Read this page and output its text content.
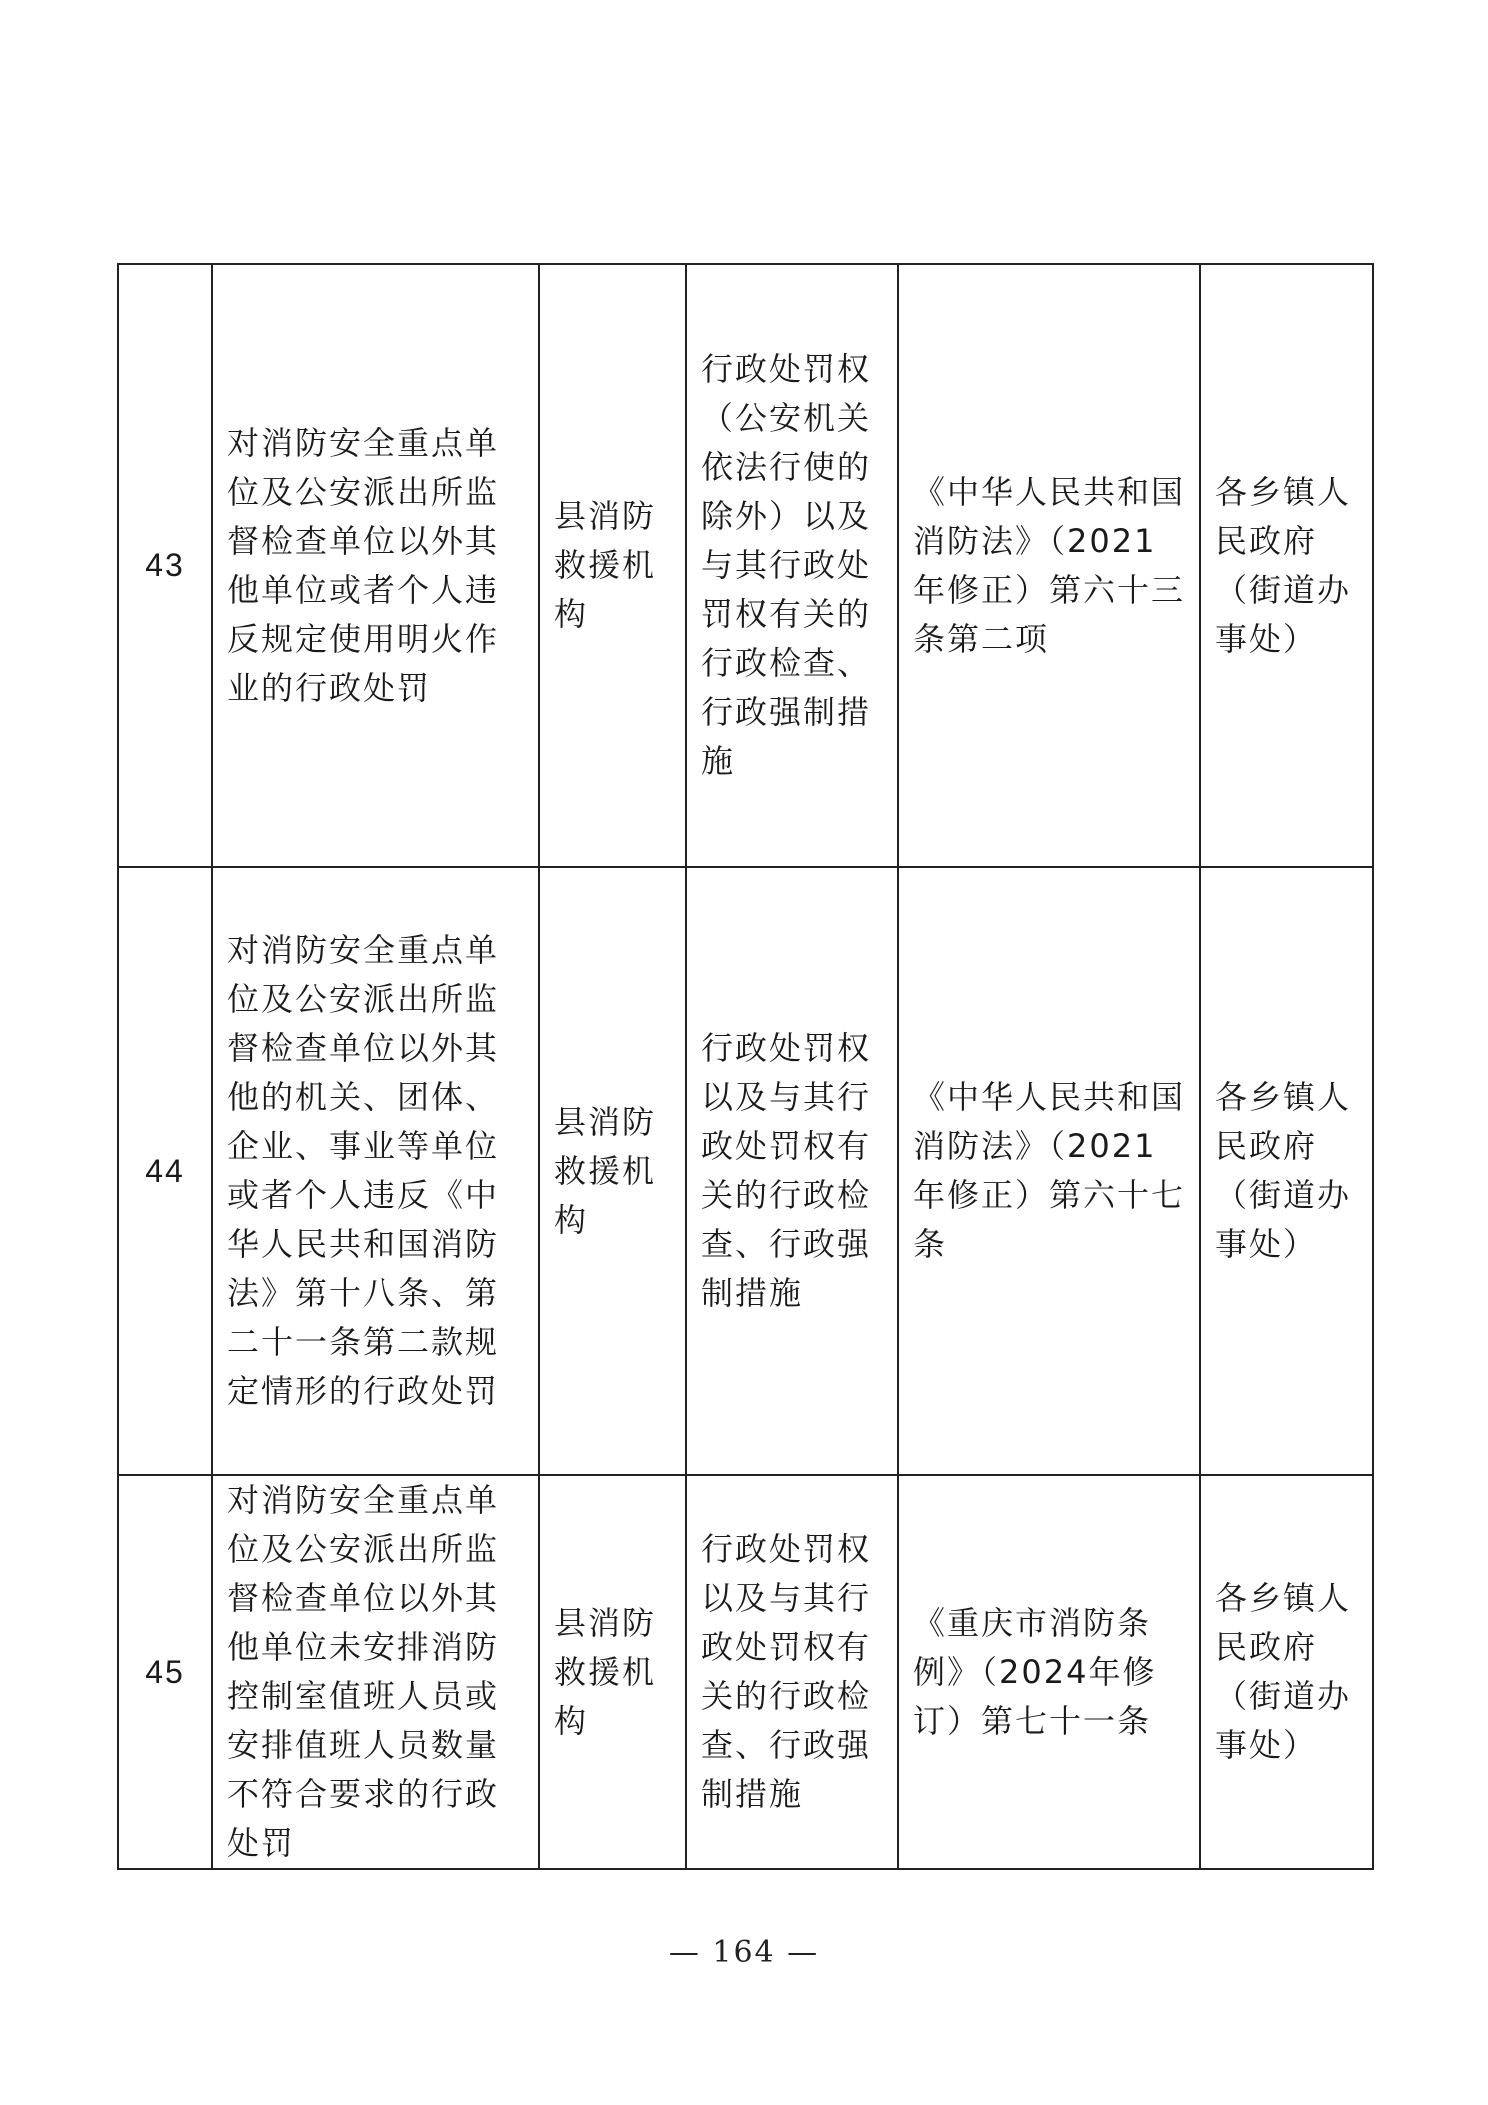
43	对消防安全重点单位及公安派出所监督检查单位以外其他单位或者个人违反规定使用明火作业的行政处罚	县消防救援机构	行政处罚权（公安机关依法行使的除外）以及与其行政处罚权有关的行政检查、行政强制措施	《中华人民共和国消防法》（2021年修正）第六十三条第二项	各乡镇人民政府（街道办事处）
44	对消防安全重点单位及公安派出所监督检查单位以外其他的机关、团体、企业、事业等单位或者个人违反《中华人民共和国消防法》第十八条、第二十一条第二款规定情形的行政处罚	县消防救援机构	行政处罚权以及与其行政处罚权有关的行政检查、行政强制措施	《中华人民共和国消防法》（2021年修正）第六十七条	各乡镇人民政府（街道办事处）
45	对消防安全重点单位及公安派出所监督检查单位以外其他单位未安排消防控制室值班人员或安排值班人员数量不符合要求的行政处罚	县消防救援机构	行政处罚权以及与其行政处罚权有关的行政检查、行政强制措施	《重庆市消防条例》（2024年修订）第七十一条	各乡镇人民政府（街道办事处）
— 164 —
